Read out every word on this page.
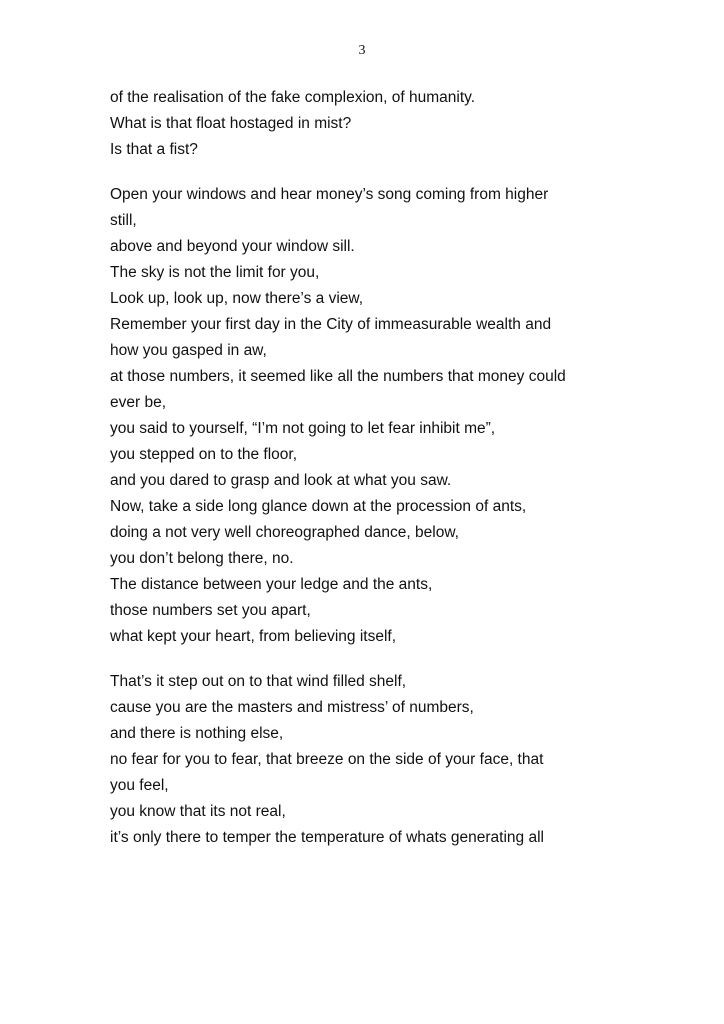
3
of the realisation of the fake complexion, of humanity.
What is that float hostaged in mist?
Is that a fist?
Open your windows and hear money’s song coming from higher
still,
above and beyond your window sill.
The sky is not the limit for you,
Look up, look up, now there’s a view,
Remember your first day in the City of immeasurable wealth and
how you gasped in aw,
at those numbers, it seemed like all the numbers that money could
ever be,
you said to yourself, “I’m not going to let fear inhibit me”,
you stepped on to the floor,
and you dared to grasp and look at what you saw.
Now, take a side long glance down at the procession of ants,
doing a not very well choreographed dance, below,
you don’t belong there, no.
The distance between your ledge and the ants,
those numbers set you apart,
what kept your heart, from believing itself,
That’s it step out on to that wind filled shelf,
cause you are the masters and mistress’ of numbers,
and there is nothing else,
no fear for you to fear, that breeze on the side of your face, that
you feel,
you know that its not real,
it’s only there to temper the temperature of whats generating all
